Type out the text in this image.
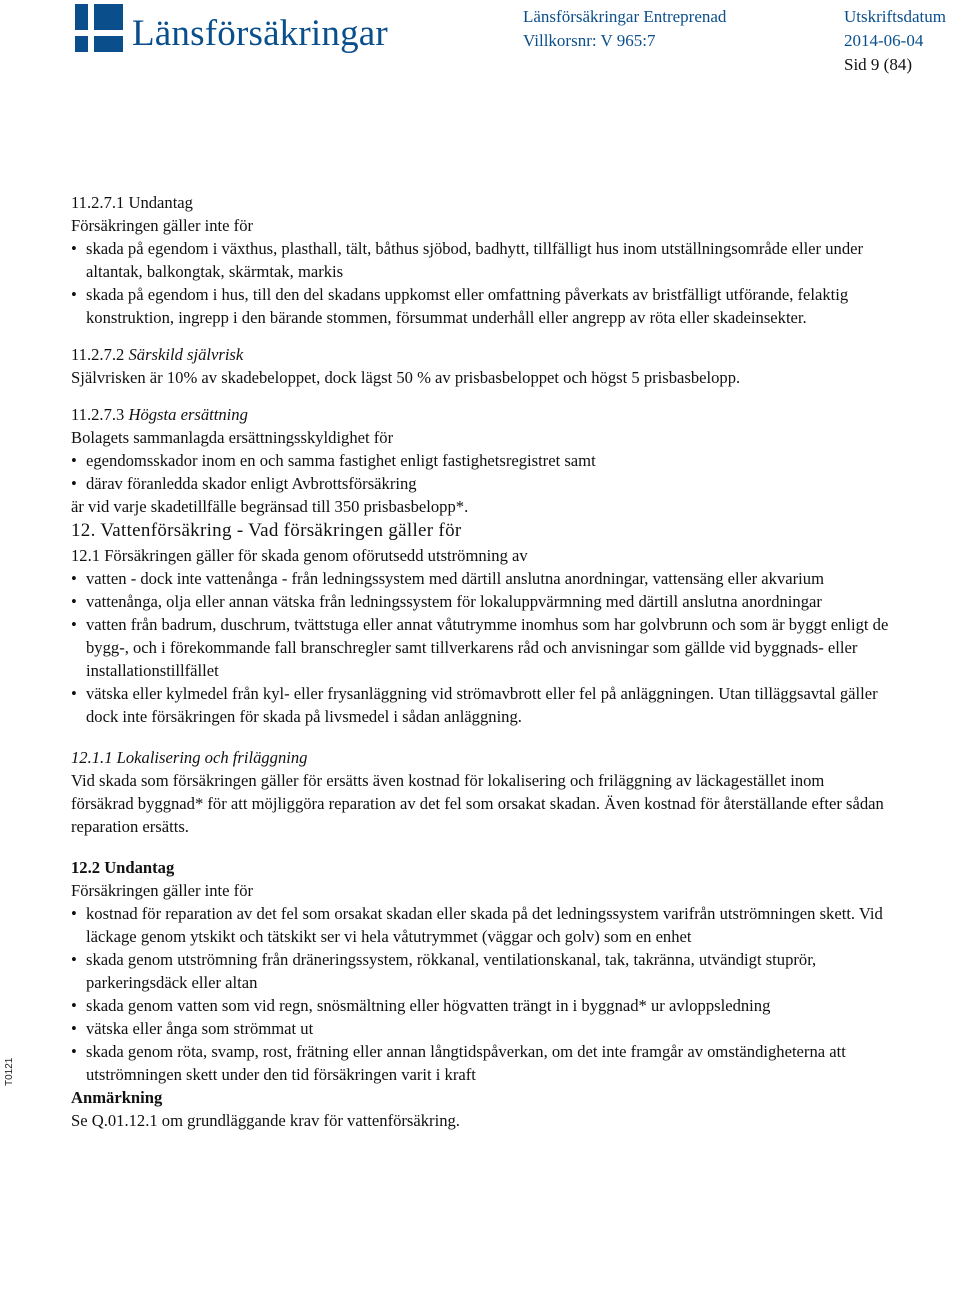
Länsförsäkringar	Länsförsäkringar Entreprenad
Villkorsnr: V 965:7
Utskriftsdatum
2014-06-04
Sid 9 (84)
T0121

11.2.7.1 Undantag

Försäkringen gäller inte för

• skada på egendom i växthus, plasthall, tält, båthus sjöbod, badhytt, tillfälligt hus inom utställningsområde eller under altantak, balkongtak, skärmtak, markis
• skada på egendom i hus, till den del skadans uppkomst eller omfattning påverkats av bristfälligt utförande, felaktig konstruktion, ingrepp i den bärande stommen, försummat underhåll eller angrepp av röta eller skadeinsekter.

11.2.7.2 Särskild självrisk

Självrisken är 10% av skadebeloppet, dock lägst 50 % av prisbasbeloppet och högst 5 prisbasbelopp.

11.2.7.3 Högsta ersättning

Bolagets sammanlagda ersättningsskyldighet för

• egendomsskador inom en och samma fastighet enligt fastighetsregistret samt
• därav föranledda skador enligt Avbrottsförsäkring

är vid varje skadetillfälle begränsad till 350 prisbasbelopp*.

12. Vattenförsäkring - Vad försäkringen gäller för

12.1 Försäkringen gäller för skada genom oförutsedd utströmning av

• vatten - dock inte vattenånga - från ledningssystem med därtill anslutna anordningar, vattensäng eller akvarium
• vattenånga, olja eller annan vätska från ledningssystem för lokaluppvärmning med därtill anslutna anordningar
• vatten från badrum, duschrum, tvättstuga eller annat våtutrymme inomhus som har golvbrunn och som är byggt enligt de bygg-, och i förekommande fall branschregler samt tillverkarens råd och anvisningar som gällde vid byggnads- eller installationstillfället
• vätska eller kylmedel från kyl- eller frysanläggning vid strömavbrott eller fel på anläggningen. Utan tilläggsavtal gäller dock inte försäkringen för skada på livsmedel i sådan anläggning.

12.1.1 Lokalisering och friläggning

Vid skada som försäkringen gäller för ersätts även kostnad för lokalisering och friläggning av läckagestället inom försäkrad byggnad* för att möjliggöra reparation av det fel som orsakat skadan. Även kostnad för återställande efter sådan reparation ersätts.

12.2 Undantag

Försäkringen gäller inte för

• kostnad för reparation av det fel som orsakat skadan eller skada på det ledningssystem varifrån utströmningen skett. Vid läckage genom ytskikt och tätskikt ser vi hela våtutrymmet (väggar och golv) som en enhet
• skada genom utströmning från dräneringssystem, rökkanal, ventilationskanal, tak, takränna, utvändigt stuprör, parkeringsdäck eller altan
• skada genom vatten som vid regn, snösmältning eller högvatten trängt in i byggnad* ur avloppsledning
• vätska eller ånga som strömmat ut
• skada genom röta, svamp, rost, frätning eller annan långtidspåverkan, om det inte framgår av omständigheterna att utströmningen skett under den tid försäkringen varit i kraft

Anmärkning

Se Q.01.12.1 om grundläggande krav för vattenförsäkring.
